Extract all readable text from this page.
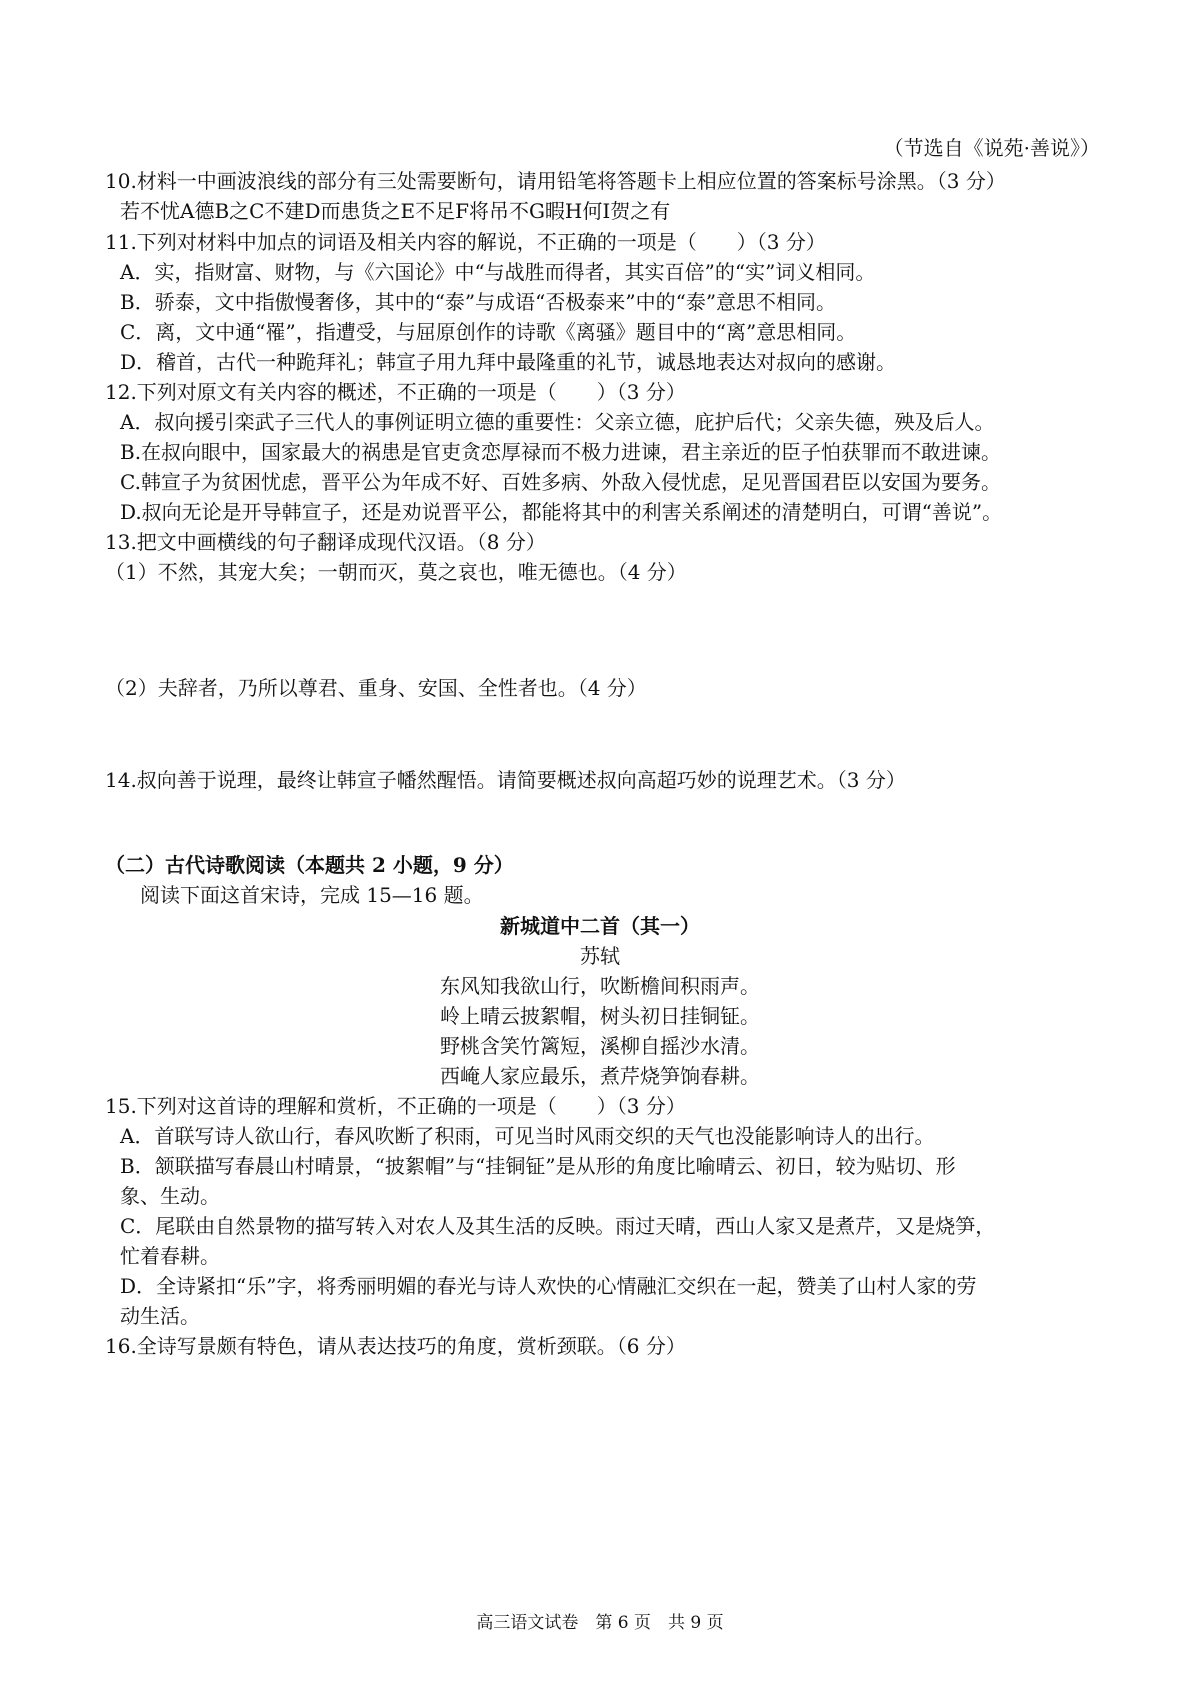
（节选自《说苑·善说》）
10.材料一中画波浪线的部分有三处需要断句，请用铅笔将答题卡上相应位置的答案标号涂黑。（3 分）
若不忧A德B之C不建D而患货之E不足F将吊不G暇H何I贺之有
11.下列对材料中加点的词语及相关内容的解说，不正确的一项是（　　）（3 分）
A．实，指财富、财物，与《六国论》中“与战胜而得者，其实百倍”的“实”词义相同。
B．骄泰，文中指傲慢奢侈，其中的“泰”与成语“否极泰来”中的“泰”意思不相同。
C．离，文中通“罹”，指遭受，与屈原创作的诗歌《离骚》题目中的“离”意思相同。
D．稽首，古代一种跪拜礼；韩宣子用九拜中最隆重的礼节，诚恳地表达对叔向的感谢。
12.下列对原文有关内容的概述，不正确的一项是（　　）（3 分）
A．叔向援引栾武子三代人的事例证明立德的重要性：父亲立德，庇护后代；父亲失德，殃及后人。
B.在叔向眼中，国家最大的祸患是官吏贪恋厚禄而不极力进谏，君主亲近的臣子怕获罪而不敢进谏。
C.韩宣子为贫困忧虑，晋平公为年成不好、百姓多病、外敌入侵忧虑，足见晋国君臣以安国为要务。
D.叔向无论是开导韩宣子，还是劝说晋平公，都能将其中的利害关系阐述的清楚明白，可谓“善说”。
13.把文中画横线的句子翻译成现代汉语。（8 分）
（1）不然，其宠大矣；一朝而灭，莫之哀也，唯无德也。（4 分）
（2）夫辞者，乃所以尊君、重身、安国、全性者也。（4 分）
14.叔向善于说理，最终让韩宣子幡然醒悟。请简要概述叔向高超巧妙的说理艺术。（3 分）
（二）古代诗歌阅读（本题共 2 小题，9 分）
阅读下面这首宋诗，完成 15—16 题。
新城道中二首（其一）
苏轼
东风知我欲山行，吹断檐间积雨声。
岭上晴云披絮帽，树头初日挂铜钲。
野桃含笑竹篱短，溪柳自摇沙水清。
西崦人家应最乐，煮芹烧笋饷春耕。
15.下列对这首诗的理解和赏析，不正确的一项是（　　）（3 分）
A．首联写诗人欲山行，春风吹断了积雨，可见当时风雨交织的天气也没能影响诗人的出行。
B．颔联描写春晨山村晴景，“披絮帽”与“挂铜钲”是从形的角度比喻晴云、初日，较为贴切、形
象、生动。
C．尾联由自然景物的描写转入对农人及其生活的反映。雨过天晴，西山人家又是煮芹，又是烧笋，
忙着春耕。
D．全诗紧扣“乐”字，将秀丽明媚的春光与诗人欢快的心情融汇交织在一起，赞美了山村人家的劳
动生活。
16.全诗写景颇有特色，请从表达技巧的角度，赏析颈联。（6 分）
高三语文试卷　第 6 页　共 9 页
